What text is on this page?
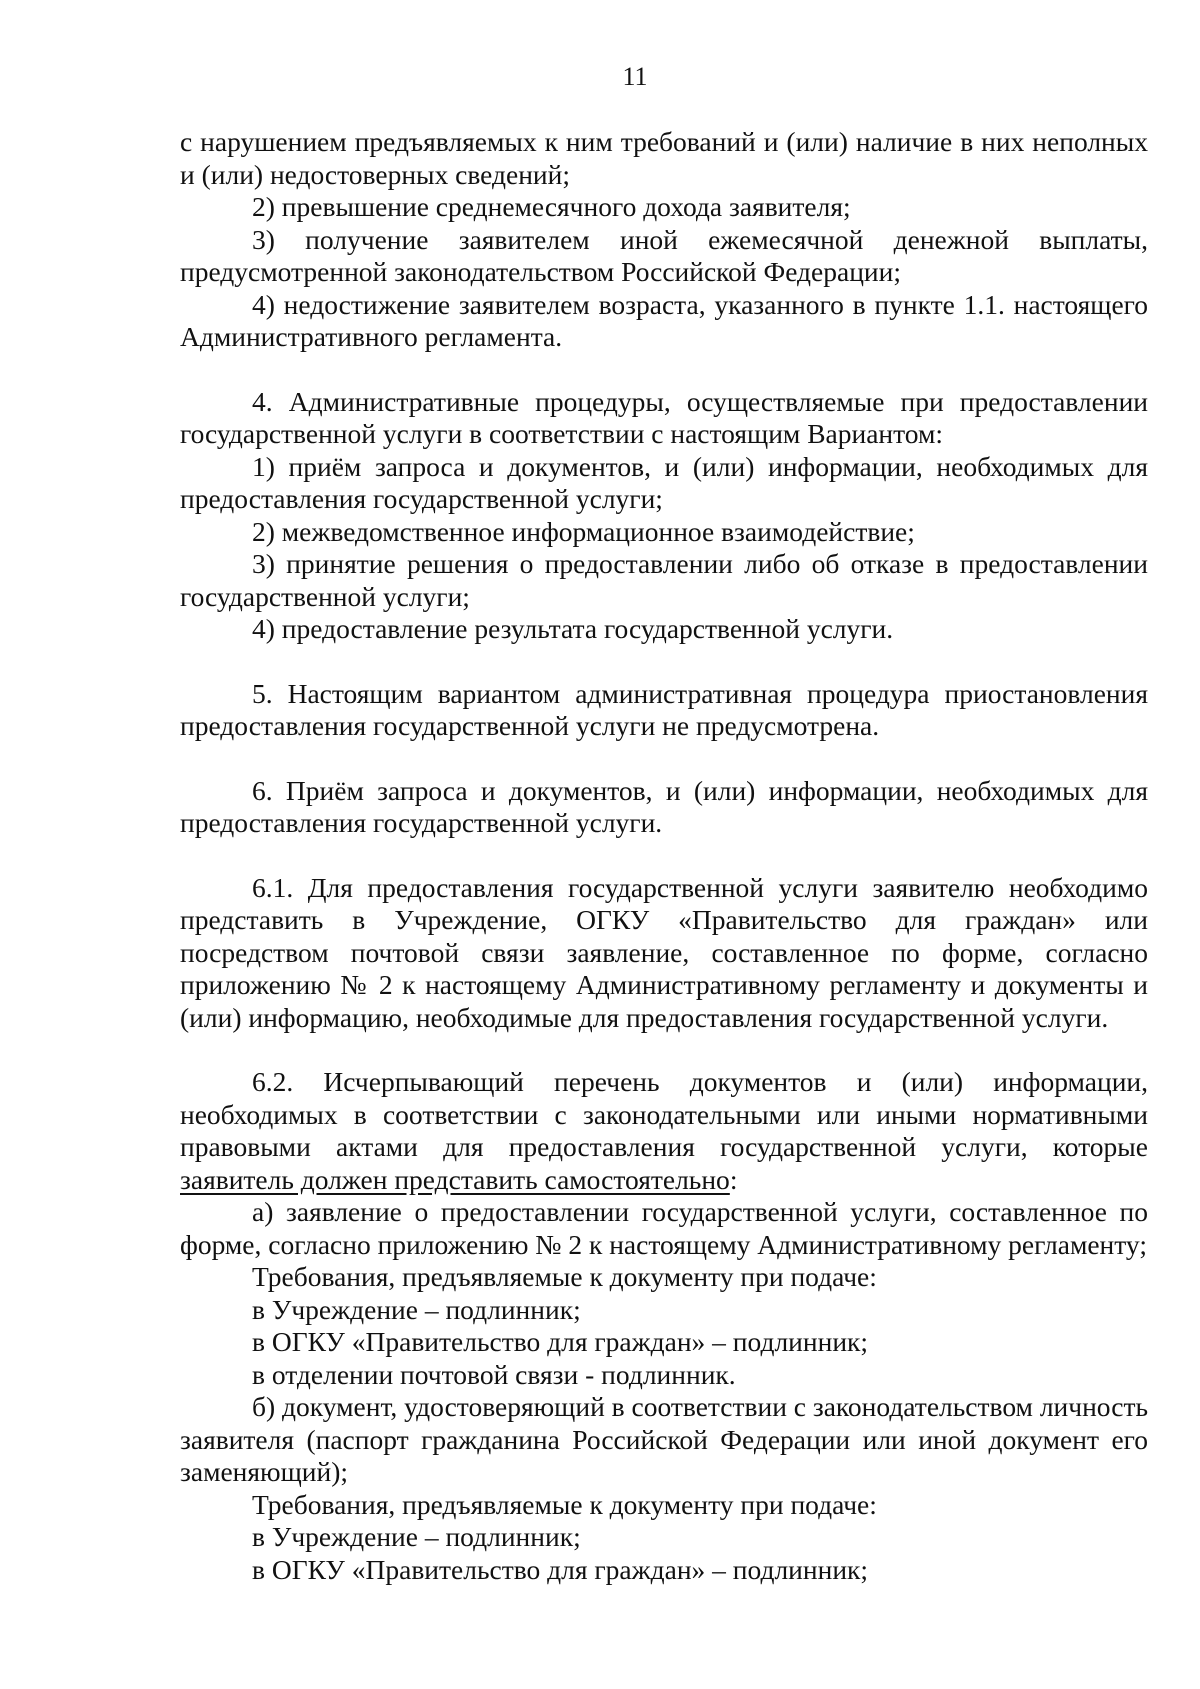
11

с нарушением предъявляемых к ним требований и (или) наличие в них неполных и (или) недостоверных сведений;

2) превышение среднемесячного дохода заявителя;

3) получение заявителем иной ежемесячной денежной выплаты, предусмотренной законодательством Российской Федерации;

4) недостижение заявителем возраста, указанного в пункте 1.1. настоящего Административного регламента.

4. Административные процедуры, осуществляемые при предоставлении государственной услуги в соответствии с настоящим Вариантом:

1) приём запроса и документов, и (или) информации, необходимых для предоставления государственной услуги;

2) межведомственное информационное взаимодействие;

3) принятие решения о предоставлении либо об отказе в предоставлении государственной услуги;

4) предоставление результата государственной услуги.

5. Настоящим вариантом административная процедура приостановления предоставления государственной услуги не предусмотрена.

6. Приём запроса и документов, и (или) информации, необходимых для предоставления государственной услуги.

6.1. Для предоставления государственной услуги заявителю необходимо представить в Учреждение, ОГКУ «Правительство для граждан» или посредством почтовой связи заявление, составленное по форме, согласно приложению № 2 к настоящему Административному регламенту и документы и (или) информацию, необходимые для предоставления государственной услуги.

6.2. Исчерпывающий перечень документов и (или) информации, необходимых в соответствии с законодательными или иными нормативными правовыми актами для предоставления государственной услуги, которые заявитель должен представить самостоятельно:

а) заявление о предоставлении государственной услуги, составленное по форме, согласно приложению № 2 к настоящему Административному регламенту;

Требования, предъявляемые к документу при подаче:

в Учреждение – подлинник;

в ОГКУ «Правительство для граждан» – подлинник;

в отделении почтовой связи - подлинник.

б) документ, удостоверяющий в соответствии с законодательством личность заявителя (паспорт гражданина Российской Федерации или иной документ его заменяющий);

Требования, предъявляемые к документу при подаче:

в Учреждение – подлинник;

в ОГКУ «Правительство для граждан» – подлинник;
